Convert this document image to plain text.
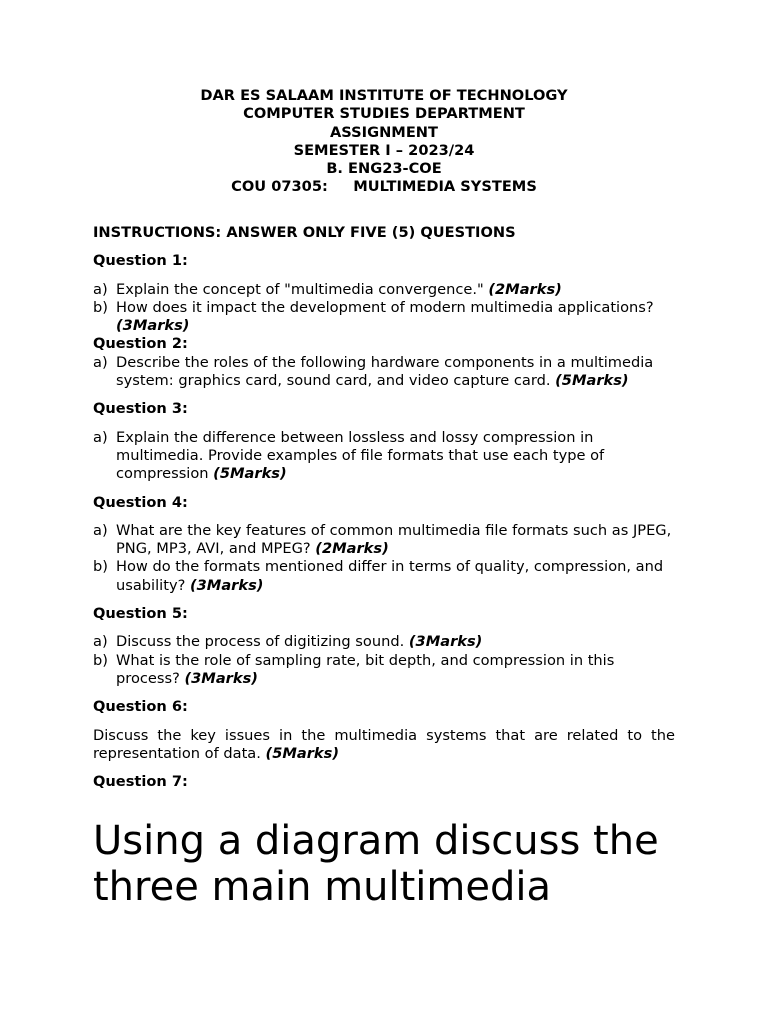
DAR ES SALAAM INSTITUTE OF TECHNOLOGY
COMPUTER STUDIES DEPARTMENT
ASSIGNMENT
SEMESTER I – 2023/24
B. ENG23-COE
COU 07305:     MULTIMEDIA SYSTEMS
INSTRUCTIONS: ANSWER ONLY FIVE (5) QUESTIONS
Question 1:
a) Explain the concept of "multimedia convergence." (2Marks)
b) How does it impact the development of modern multimedia applications? (3Marks)
Question 2:
a) Describe the roles of the following hardware components in a multimedia system: graphics card, sound card, and video capture card. (5Marks)
Question 3:
a) Explain the difference between lossless and lossy compression in multimedia. Provide examples of file formats that use each type of compression (5Marks)
Question 4:
a) What are the key features of common multimedia file formats such as JPEG, PNG, MP3, AVI, and MPEG? (2Marks)
b) How do the formats mentioned differ in terms of quality, compression, and usability? (3Marks)
Question 5:
a) Discuss the process of digitizing sound. (3Marks)
b) What is the role of sampling rate, bit depth, and compression in this process? (3Marks)
Question 6:
Discuss the key issues in the multimedia systems that are related to the representation of data. (5Marks)
Question 7:
Using a diagram discuss the three main multimedia
